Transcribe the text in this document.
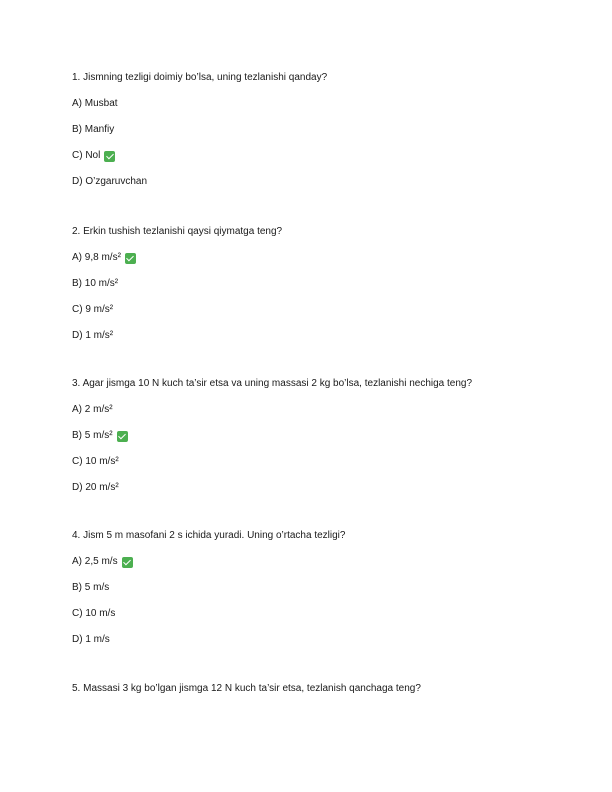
1. Jismning tezligi doimiy bo’lsa, uning tezlanishi qanday?
A) Musbat
B) Manfiy
C) Nol
D) O’zgaruvchan
2. Erkin tushish tezlanishi qaysi qiymatga teng?
A) 9,8 m/s²
B) 10 m/s²
C) 9 m/s²
D) 1 m/s²
3. Agar jismga 10 N kuch ta’sir etsa va uning massasi 2 kg bo’lsa, tezlanishi nechiga teng?
A) 2 m/s²
B) 5 m/s²
C) 10 m/s²
D) 20 m/s²
4. Jism 5 m masofani 2 s ichida yuradi. Uning o’rtacha tezligi?
A) 2,5 m/s
B) 5 m/s
C) 10 m/s
D) 1 m/s
5. Massasi 3 kg bo’lgan jismga 12 N kuch ta’sir etsa, tezlanish qanchaga teng?
